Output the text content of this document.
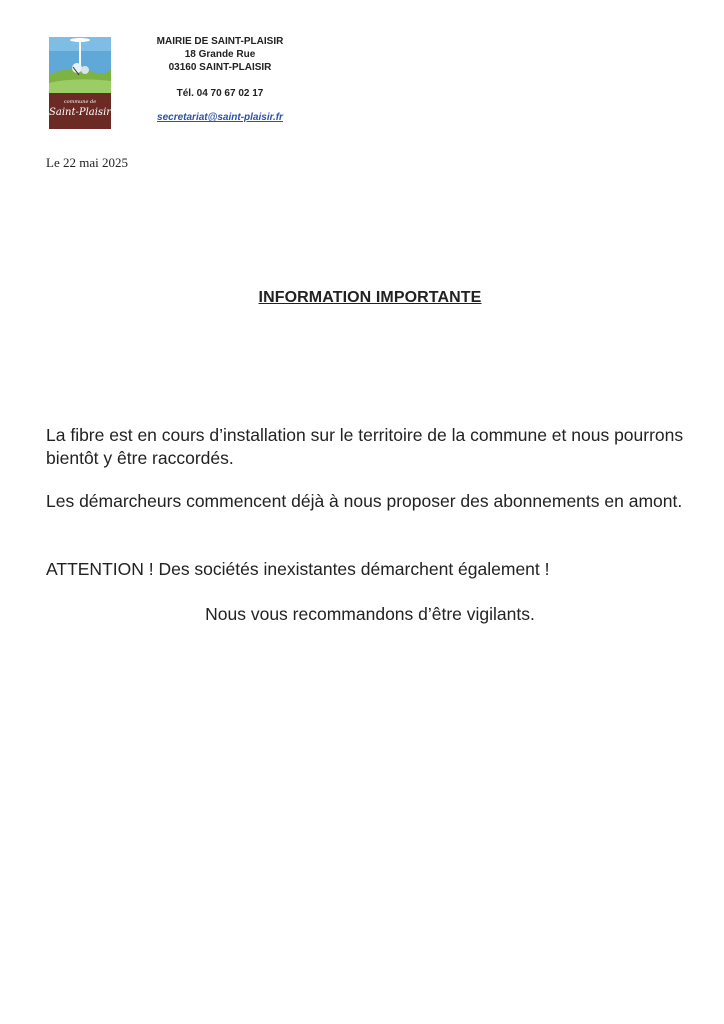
commune de
Saint-Plaisir
MAIRIE DE SAINT-PLAISIR
18 Grande Rue
03160 SAINT-PLAISIR
Tél. 04 70 67 02 17
secretariat@saint-plaisir.fr
Le 22 mai 2025
INFORMATION IMPORTANTE
La fibre est en cours d’installation sur le territoire de la commune et nous pourrons bientôt y être raccordés.
Les démarcheurs commencent déjà à nous proposer des abonnements en amont.
ATTENTION ! Des sociétés inexistantes démarchent également !
Nous vous recommandons d’être vigilants.
